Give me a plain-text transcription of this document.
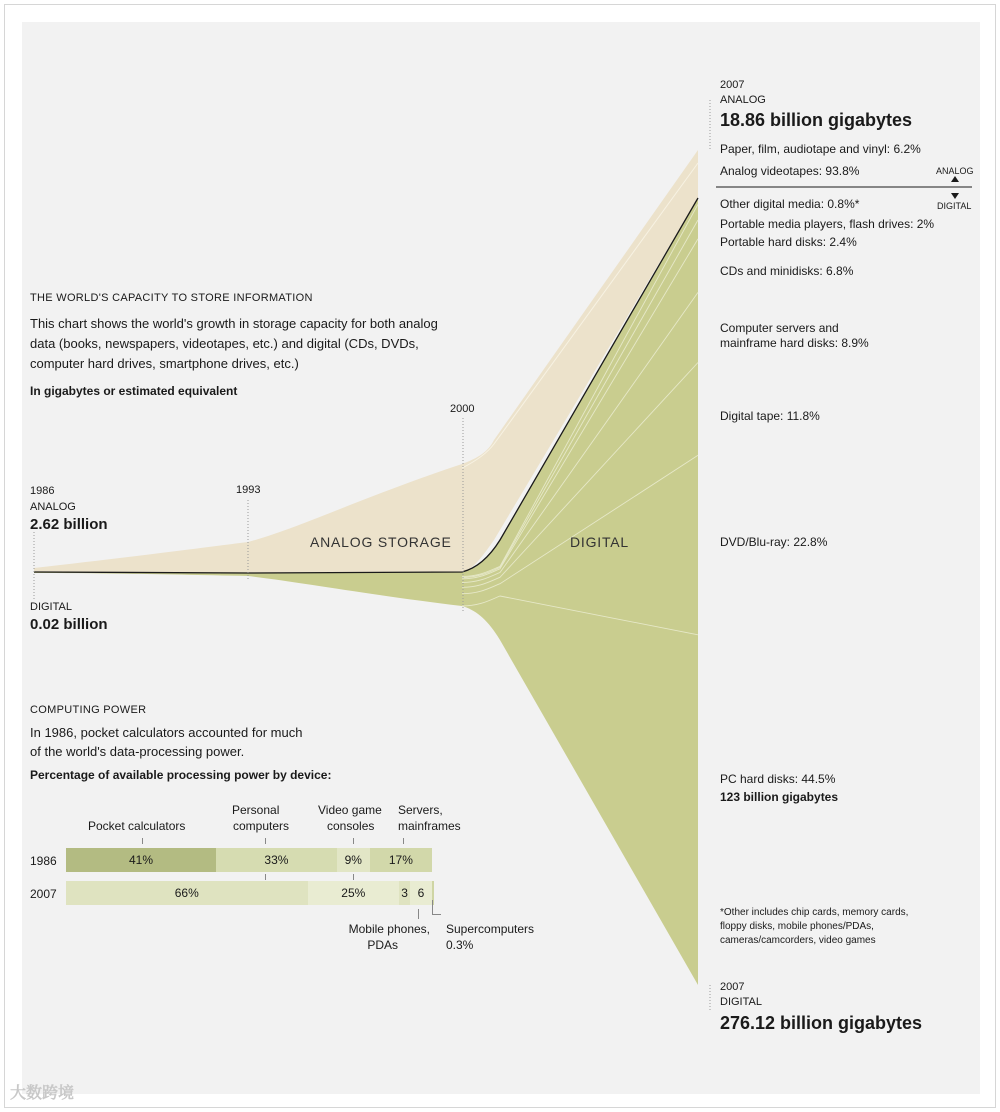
THE WORLD'S CAPACITY TO STORE INFORMATION
This chart shows the world's growth in storage capacity for both analog data (books, newspapers, videotapes, etc.) and digital (CDs, DVDs, computer hard drives, smartphone drives, etc.)
In gigabytes or estimated equivalent
1986
ANALOG
2.62 billion
DIGITAL
0.02 billion
1993
2000
ANALOG STORAGE	DIGITAL
2007
ANALOG
18.86 billion gigabytes
Paper, film, audiotape and vinyl: 6.2%
Analog videotapes: 93.8%	ANALOG
DIGITAL
Other digital media: 0.8%*
Portable media players, flash drives: 2%
Portable hard disks: 2.4%
CDs and minidisks: 6.8%
Computer servers and
mainframe hard disks: 8.9%
Digital tape: 11.8%
DVD/Blu-ray: 22.8%
PC hard disks: 44.5%
123 billion gigabytes
*Other includes chip cards, memory cards,
floppy disks, mobile phones/PDAs,
cameras/camcorders, video games
2007
DIGITAL
276.12 billion gigabytes
COMPUTING POWER
In 1986, pocket calculators accounted for much
of the world's data-processing power.
Percentage of available processing power by device:
Pocket calculators
Personal
computers
Video game
consoles
Servers,
mainframes
1986	41%	33%	9% 17%
2007	66%	25%	3 6
Mobile phones,
PDAs
Supercomputers
0.3%
大数跨境
